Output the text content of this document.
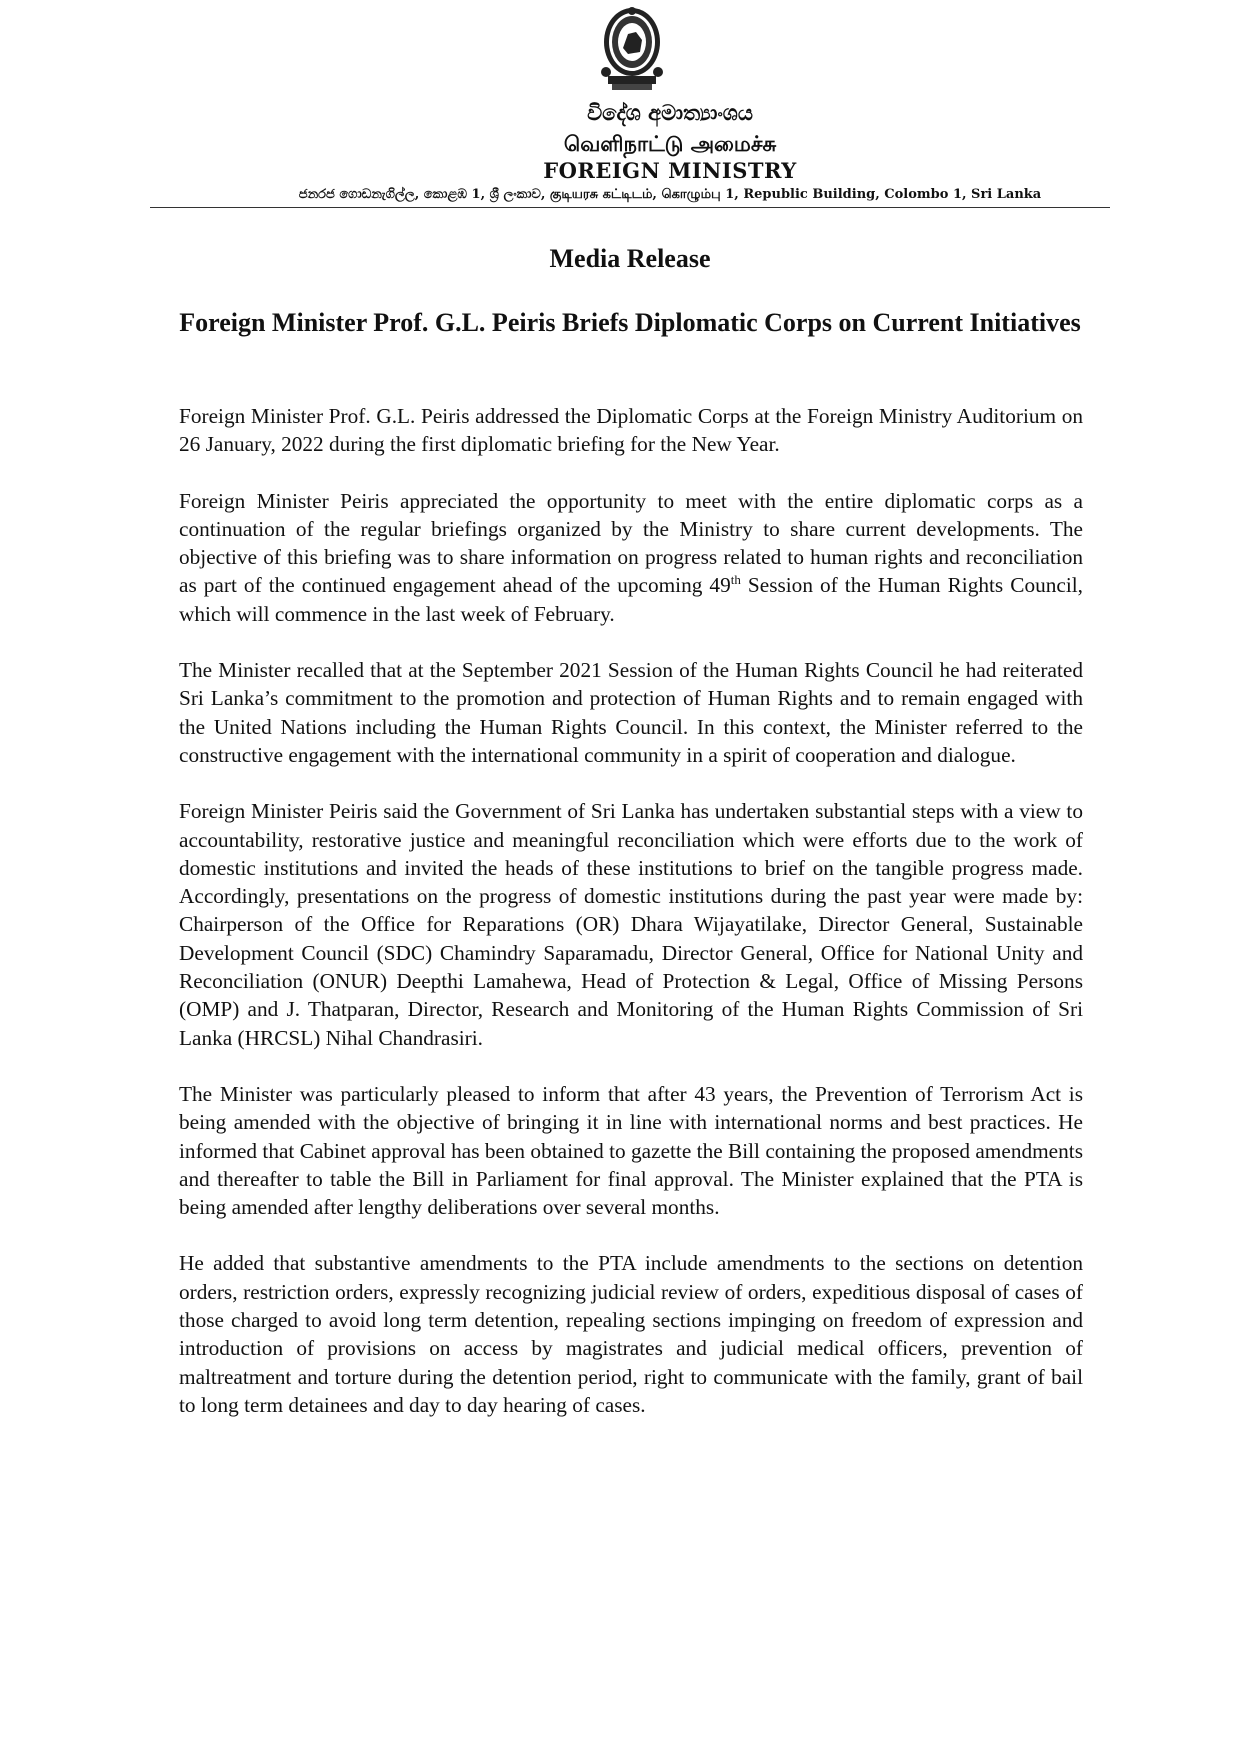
විදේශ අමාත්‍යාංශය
வெளிநாட்டு அமைச்சு
FOREIGN MINISTRY
ජනරජ ගොඩනැගිල්ල, කොළඹ 1, ශ්‍රී ලංකාව, குடியரசு கட்டிடம், கொழும்பு 1, Republic Building, Colombo 1, Sri Lanka
Media Release
Foreign Minister Prof. G.L. Peiris Briefs Diplomatic Corps on Current Initiatives

Foreign Minister Prof. G.L. Peiris addressed the Diplomatic Corps at the Foreign Ministry Auditorium on 26 January, 2022 during the first diplomatic briefing for the New Year.

Foreign Minister Peiris appreciated the opportunity to meet with the entire diplomatic corps as a continuation of the regular briefings organized by the Ministry to share current developments. The objective of this briefing was to share information on progress related to human rights and reconciliation as part of the continued engagement ahead of the upcoming 49th Session of the Human Rights Council, which will commence in the last week of February.

The Minister recalled that at the September 2021 Session of the Human Rights Council he had reiterated Sri Lanka’s commitment to the promotion and protection of Human Rights and to remain engaged with the United Nations including the Human Rights Council. In this context, the Minister referred to the constructive engagement with the international community in a spirit of cooperation and dialogue.

Foreign Minister Peiris said the Government of Sri Lanka has undertaken substantial steps with a view to accountability, restorative justice and meaningful reconciliation which were efforts due to the work of domestic institutions and invited the heads of these institutions to brief on the tangible progress made. Accordingly, presentations on the progress of domestic institutions during the past year were made by: Chairperson of the Office for Reparations (OR) Dhara Wijayatilake, Director General, Sustainable Development Council (SDC) Chamindry Saparamadu, Director General, Office for National Unity and Reconciliation (ONUR) Deepthi Lamahewa, Head of Protection & Legal, Office of Missing Persons (OMP) and J. Thatparan, Director, Research and Monitoring of the Human Rights Commission of Sri Lanka (HRCSL) Nihal Chandrasiri.

The Minister was particularly pleased to inform that after 43 years, the Prevention of Terrorism Act is being amended with the objective of bringing it in line with international norms and best practices. He informed that Cabinet approval has been obtained to gazette the Bill containing the proposed amendments and thereafter to table the Bill in Parliament for final approval. The Minister explained that the PTA is being amended after lengthy deliberations over several months.

He added that substantive amendments to the PTA include amendments to the sections on detention orders, restriction orders, expressly recognizing judicial review of orders, expeditious disposal of cases of those charged to avoid long term detention, repealing sections impinging on freedom of expression and introduction of provisions on access by magistrates and judicial medical officers, prevention of maltreatment and torture during the detention period, right to communicate with the family, grant of bail to long term detainees and day to day hearing of cases.
